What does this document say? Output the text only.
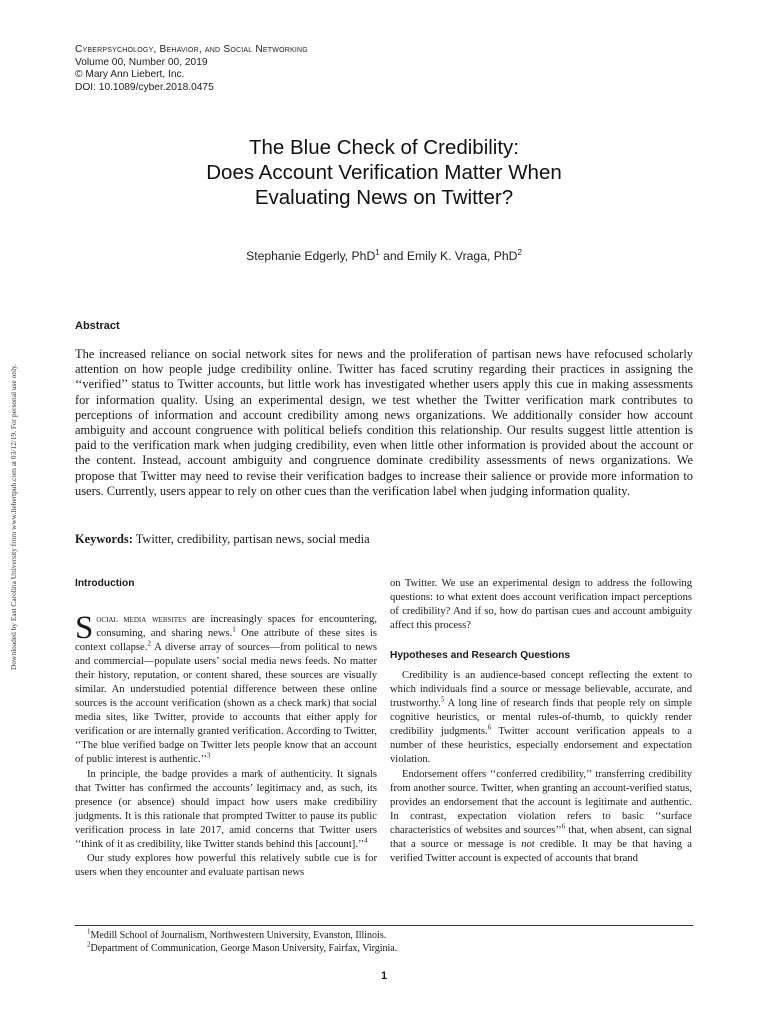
Cyberpsychology, Behavior, and Social Networking
Volume 00, Number 00, 2019
© Mary Ann Liebert, Inc.
DOI: 10.1089/cyber.2018.0475
Downloaded by East Carolina University from www.liebertpub.com at 03/12/19. For personal use only.
The Blue Check of Credibility:
Does Account Verification Matter When
Evaluating News on Twitter?
Stephanie Edgerly, PhD$^1$ and Emily K. Vraga, PhD$^2$
Abstract

The increased reliance on social network sites for news and the proliferation of partisan news have refocused scholarly attention on how people judge credibility online. Twitter has faced scrutiny regarding their practices in assigning the ‘‘verified’’ status to Twitter accounts, but little work has investigated whether users apply this cue in making assessments for information quality. Using an experimental design, we test whether the Twitter verification mark contributes to perceptions of information and account credibility among news organizations. We additionally consider how account ambiguity and account congruence with political beliefs condition this relationship. Our results suggest little attention is paid to the verification mark when judging credibility, even when little other information is provided about the account or the content. Instead, account ambiguity and congruence dominate credibility assessments of news organizations. We propose that Twitter may need to revise their verification badges to increase their salience or provide more information to users. Currently, users appear to rely on other cues than the verification label when judging information quality.

Keywords: Twitter, credibility, partisan news, social media
Introduction

Social media websites are increasingly spaces for encountering, consuming, and sharing news.$^1$ One attribute of these sites is context collapse.$^2$ A diverse array of sources—from political to news and commercial—populate users’ social media news feeds. No matter their history, reputation, or content shared, these sources are visually similar. An understudied potential difference between these online sources is the account verification (shown as a check mark) that social media sites, like Twitter, provide to accounts that either apply for verification or are internally granted verification. According to Twitter, ‘‘The blue verified badge on Twitter lets people know that an account of public interest is authentic.’’$^3$

In principle, the badge provides a mark of authenticity. It signals that Twitter has confirmed the accounts’ legitimacy and, as such, its presence (or absence) should impact how users make credibility judgments. It is this rationale that prompted Twitter to pause its public verification process in late 2017, amid concerns that Twitter users ‘‘think of it as credibility, like Twitter stands behind this [account].’’$^4$

Our study explores how powerful this relatively subtle cue is for users when they encounter and evaluate partisan news

on Twitter. We use an experimental design to address the following questions: to what extent does account verification impact perceptions of credibility? And if so, how do partisan cues and account ambiguity affect this process?

Hypotheses and Research Questions

Credibility is an audience-based concept reflecting the extent to which individuals find a source or message believable, accurate, and trustworthy.$^5$ A long line of research finds that people rely on simple cognitive heuristics, or mental rules-of-thumb, to quickly render credibility judgments.$^6$ Twitter account verification appeals to a number of these heuristics, especially endorsement and expectation violation.

Endorsement offers ‘‘conferred credibility,’’ transferring credibility from another source. Twitter, when granting an account-verified status, provides an endorsement that the account is legitimate and authentic. In contrast, expectation violation refers to basic ‘‘surface characteristics of websites and sources’’$^6$ that, when absent, can signal that a source or message is not credible. It may be that having a verified Twitter account is expected of accounts that brand

$^1$Medill School of Journalism, Northwestern University, Evanston, Illinois.
$^2$Department of Communication, George Mason University, Fairfax, Virginia.
1
